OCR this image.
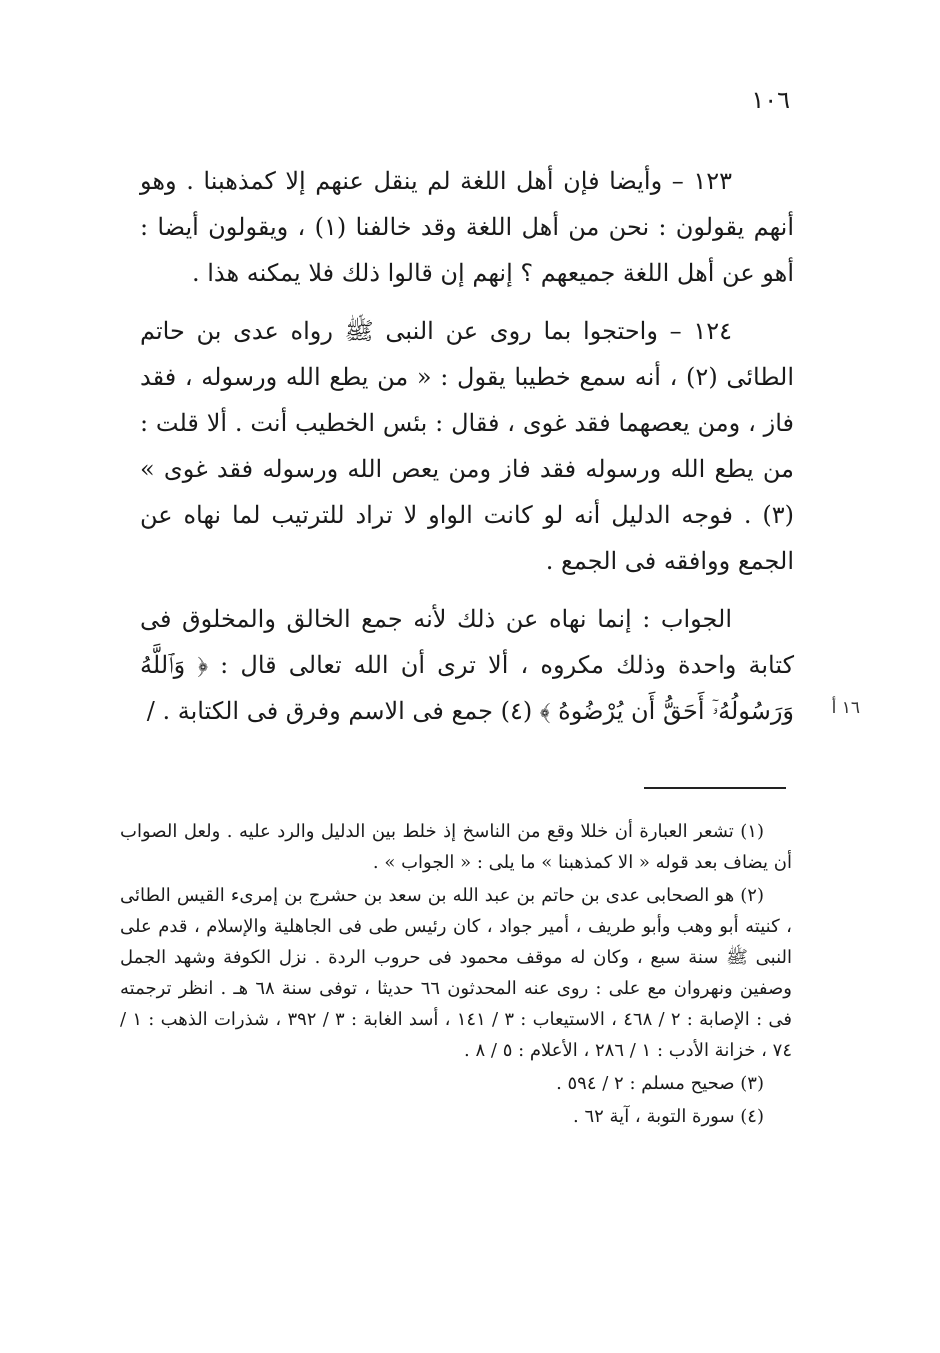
١٠٦

١٢٣ – وأيضا فإن أهل اللغة لم ينقل عنهم إلا كمذهبنا . وهو أنهم يقولون : نحن من أهل اللغة وقد خالفنا (١) ، ويقولون أيضا : أهو عن أهل اللغة جميعهم ؟ إنهم إن قالوا ذلك فلا يمكنه هذا .

١٢٤ – واحتجوا بما روى عن النبى ﷺ رواه عدى بن حاتم الطائى (٢) ، أنه سمع خطيبا يقول : « من يطع الله ورسوله ، فقد فاز ، ومن يعصهما فقد غوى ، فقال : بئس الخطيب أنت . ألا قلت : من يطع الله ورسوله فقد فاز ومن يعص الله ورسوله فقد غوى » (٣) . فوجه الدليل أنه لو كانت الواو لا تراد للترتيب لما نهاه عن الجمع ووافقه فى الجمع .

الجواب : إنما نهاه عن ذلك لأنه جمع الخالق والمخلوق فى كتابة واحدة وذلك مكروه ، ألا ترى أن الله تعالى قال : ﴿ وَٱللَّهُ وَرَسُولُهُۥٓ أَحَقُّ أَن يُرْضُوهُ ﴾ (٤) جمع فى الاسم وفرق فى الكتابة . /	١٦ أ

(١) تشعر العبارة أن خللا وقع من الناسخ إذ خلط بين الدليل والرد عليه . ولعل الصواب أن يضاف بعد قوله « الا كمذهبنا » ما يلى : « الجواب » .

(٢) هو الصحابى عدى بن حاتم بن عبد الله بن سعد بن حشرج بن إمرىء القيس الطائى ، كنيته أبو وهب وأبو طريف ، أمير جواد ، كان رئيس طى فى الجاهلية والإسلام ، قدم على النبى ﷺ سنة سبع ، وكان له موقف محمود فى حروب الردة . نزل الكوفة وشهد الجمل وصفين ونهروان مع على : روى عنه المحدثون ٦٦ حديثا ، توفى سنة ٦٨ هـ . انظر ترجمته فى : الإصابة : ٢ / ٤٦٨ ، الاستيعاب : ٣ / ١٤١ ، أسد الغابة : ٣ / ٣٩٢ ، شذرات الذهب : ١ / ٧٤ ، خزانة الأدب : ١ / ٢٨٦ ، الأعلام : ٥ / ٨ .

(٣) صحيح مسلم : ٢ / ٥٩٤ .

(٤) سورة التوبة ، آية ٦٢ .
